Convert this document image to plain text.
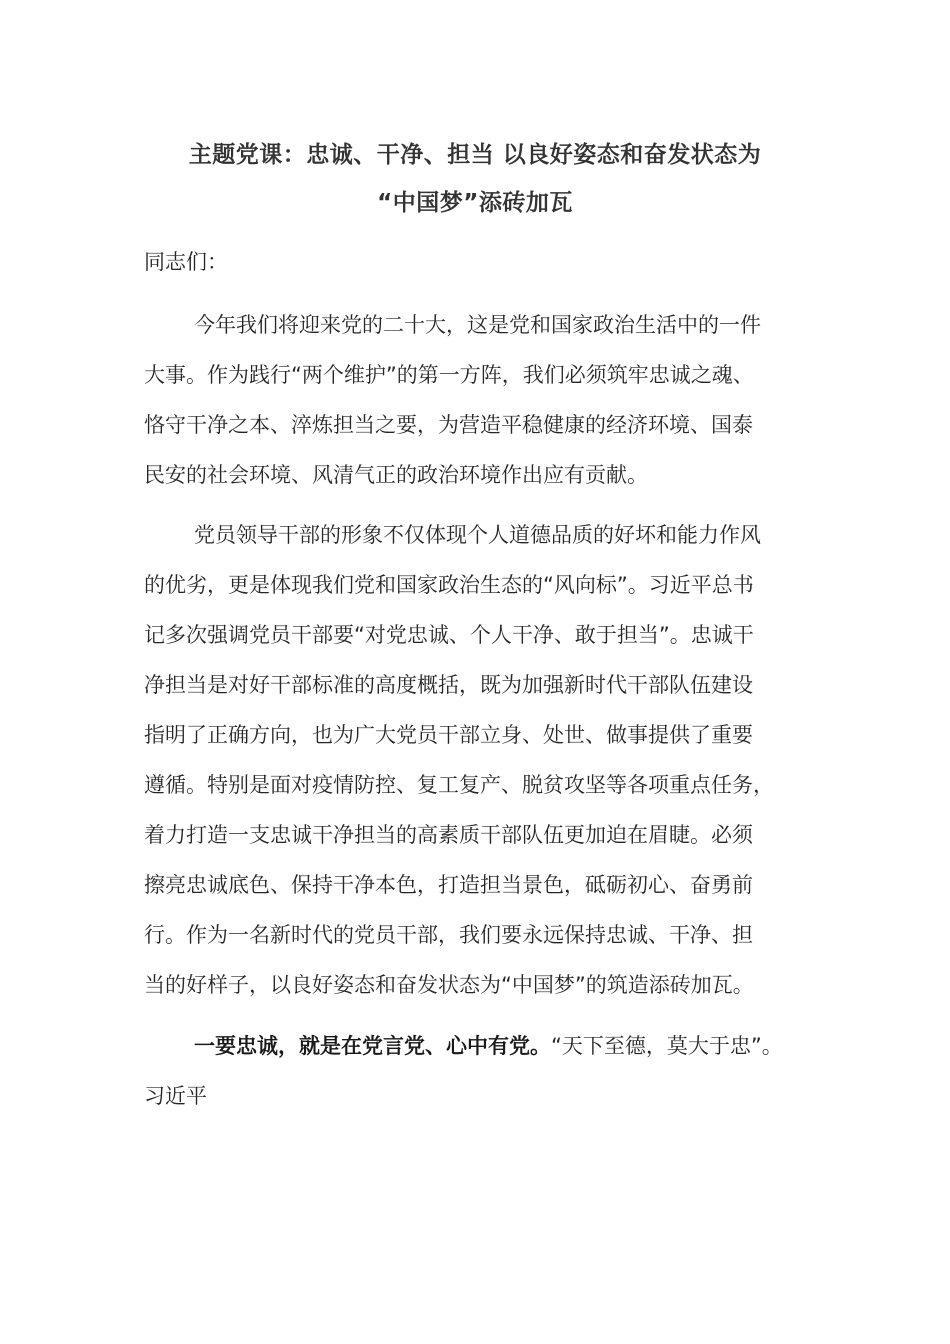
主题党课：忠诚、干净、担当 以良好姿态和奋发状态为
“中国梦”添砖加瓦
同志们：
今年我们将迎来党的二十大，这是党和国家政治生活中的一件
大事。作为践行“两个维护”的第一方阵，我们必须筑牢忠诚之魂、
恪守干净之本、淬炼担当之要，为营造平稳健康的经济环境、国泰
民安的社会环境、风清气正的政治环境作出应有贡献。
党员领导干部的形象不仅体现个人道德品质的好坏和能力作风
的优劣，更是体现我们党和国家政治生态的“风向标”。习近平总书
记多次强调党员干部要“对党忠诚、个人干净、敢于担当”。忠诚干
净担当是对好干部标准的高度概括，既为加强新时代干部队伍建设
指明了正确方向，也为广大党员干部立身、处世、做事提供了重要
遵循。特别是面对疫情防控、复工复产、脱贫攻坚等各项重点任务，
着力打造一支忠诚干净担当的高素质干部队伍更加迫在眉睫。必须
擦亮忠诚底色、保持干净本色，打造担当景色，砥砺初心、奋勇前
行。作为一名新时代的党员干部，我们要永远保持忠诚、干净、担
当的好样子，以良好姿态和奋发状态为“中国梦”的筑造添砖加瓦。
一要忠诚，就是在党言党、心中有党。“天下至德，莫大于忠”。
习近平
